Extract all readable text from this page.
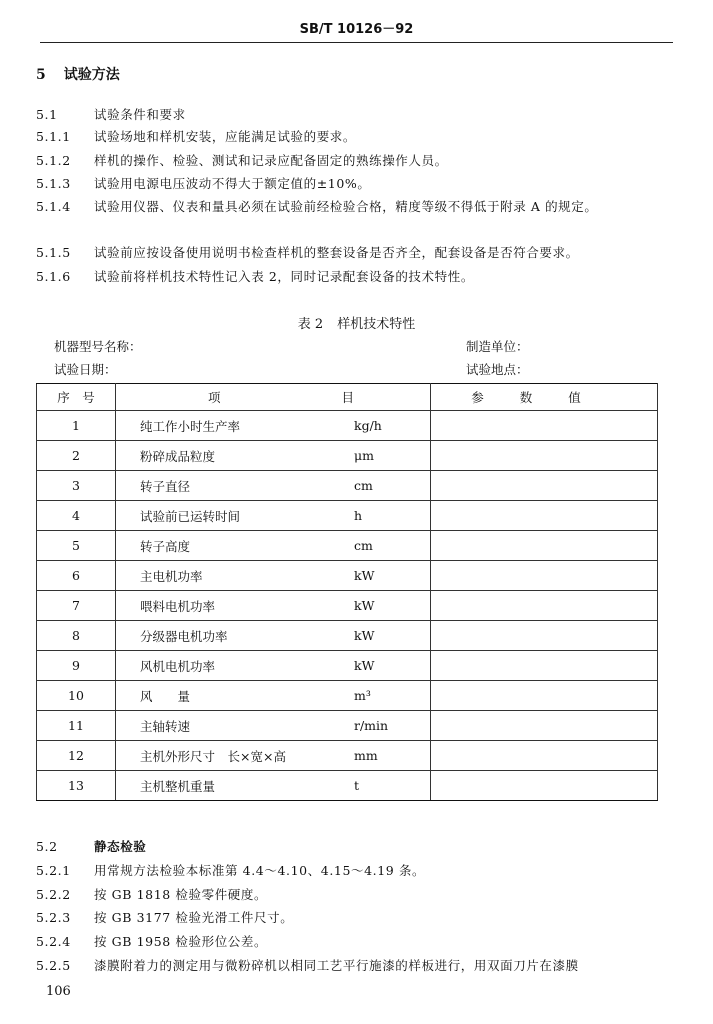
SB/T 10126－92
5 试验方法
5.1	试验条件和要求
5.1.1 试验场地和样机安装，应能满足试验的要求。
5.1.2 样机的操作、检验、测试和记录应配备固定的熟练操作人员。
5.1.3 试验用电源电压波动不得大于额定值的±10%。
5.1.4 试验用仪器、仪表和量具必须在试验前经检验合格，精度等级不得低于附录 A 的规定。
5.1.5 试验前应按设备使用说明书检查样机的整套设备是否齐全，配套设备是否符合要求。
5.1.6 试验前将样机技术特性记入表 2，同时记录配套设备的技术特性。
表 2 样机技术特性
机器型号名称：	制造单位：
试验日期：	试验地点：
序　号	项 目		参数值
1	纯工作小时生产率	kg/h	
2	粉碎成品粒度	μm	
3	转子直径	cm	
4	试验前已运转时间	h	
5	转子高度	cm	
6	主电机功率	kW	
7	喂料电机功率	kW	
8	分级器电机功率	kW	
9	风机电机功率	kW	
10	风　　量	m³	
11	主轴转速	r/min	
12	主机外形尺寸　长×宽×高	mm	
13	主机整机重量	t	
5.2	静态检验
5.2.1 用常规方法检验本标准第 4.4～4.10、4.15～4.19 条。
5.2.2 按 GB 1818 检验零件硬度。
5.2.3 按 GB 3177 检验光滑工件尺寸。
5.2.4 按 GB 1958 检验形位公差。
5.2.5 漆膜附着力的测定用与微粉碎机以相同工艺平行施漆的样板进行，用双面刀片在漆膜
106
